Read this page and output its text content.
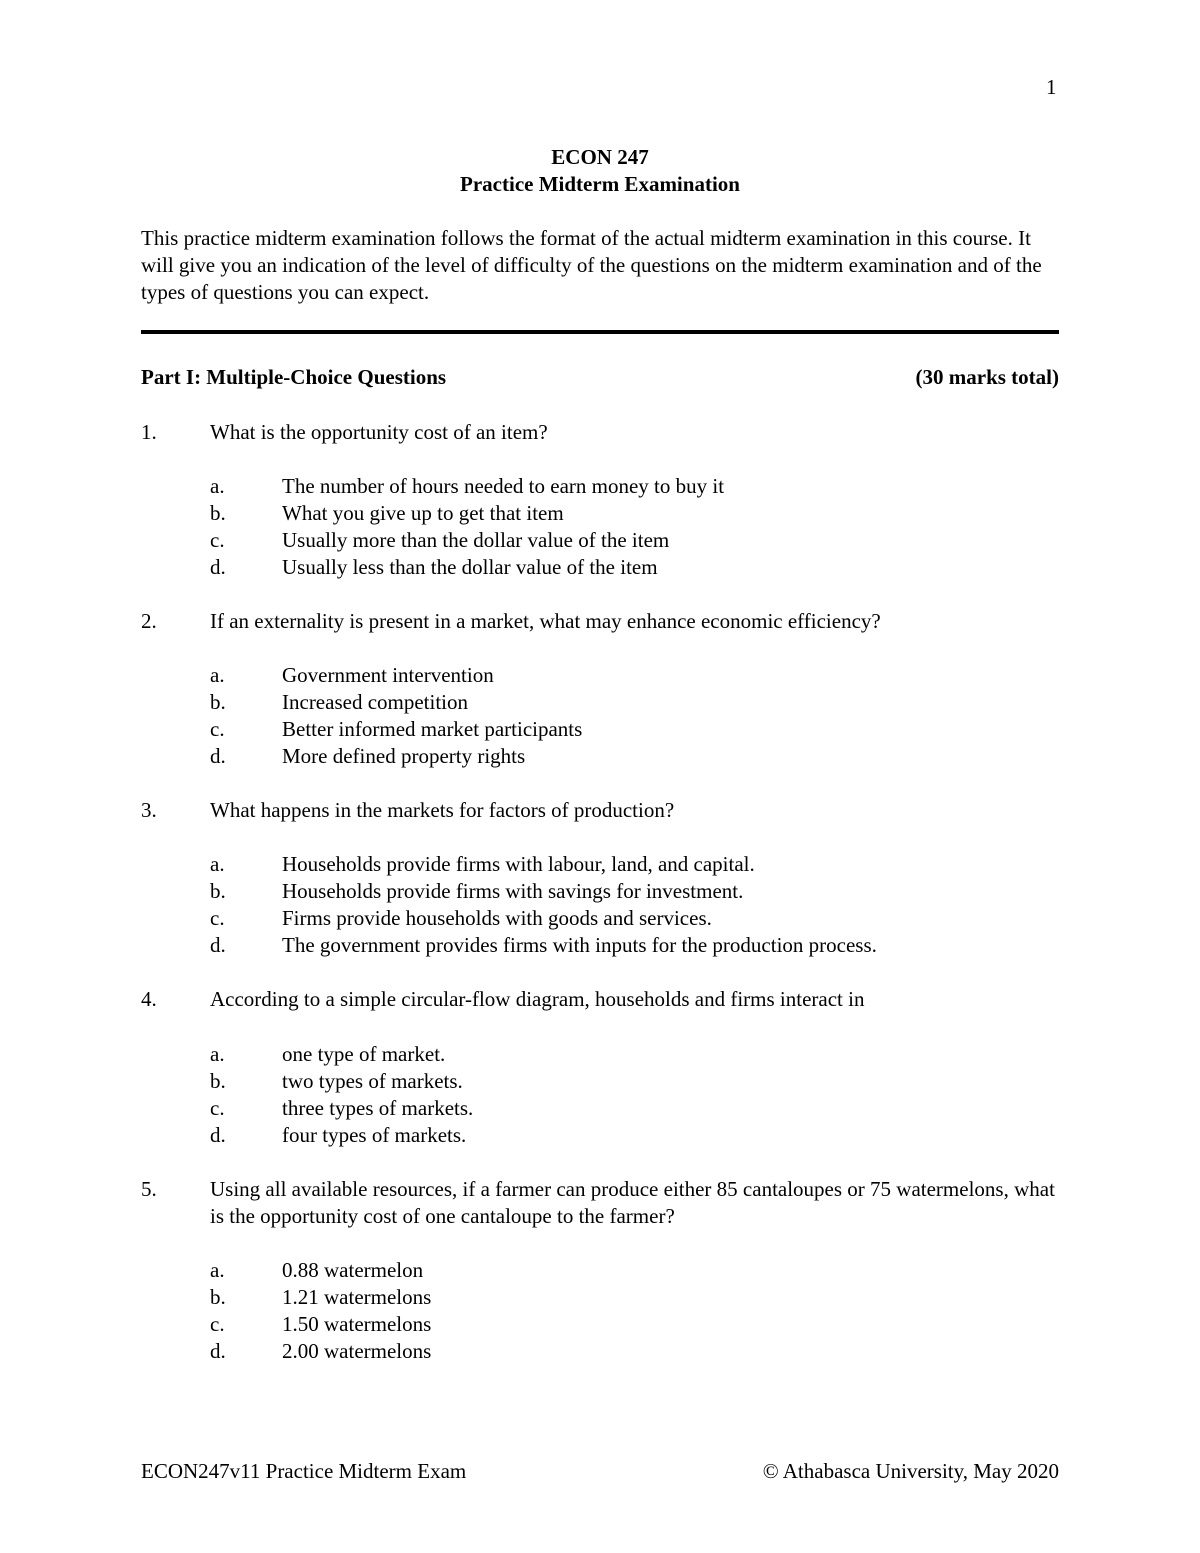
1
ECON 247
Practice Midterm Examination
This practice midterm examination follows the format of the actual midterm examination in this course. It will give you an indication of the level of difficulty of the questions on the midterm examination and of the types of questions you can expect.
Part I: Multiple-Choice Questions	(30 marks total)
1.	What is the opportunity cost of an item?
a.	The number of hours needed to earn money to buy it
b.	What you give up to get that item
c.	Usually more than the dollar value of the item
d.	Usually less than the dollar value of the item
2.	If an externality is present in a market, what may enhance economic efficiency?
a.	Government intervention
b.	Increased competition
c.	Better informed market participants
d.	More defined property rights
3.	What happens in the markets for factors of production?
a.	Households provide firms with labour, land, and capital.
b.	Households provide firms with savings for investment.
c.	Firms provide households with goods and services.
d.	The government provides firms with inputs for the production process.
4.	According to a simple circular-flow diagram, households and firms interact in
a.	one type of market.
b.	two types of markets.
c.	three types of markets.
d.	four types of markets.
5.	Using all available resources, if a farmer can produce either 85 cantaloupes or 75 watermelons, what is the opportunity cost of one cantaloupe to the farmer?
a.	0.88 watermelon
b.	1.21 watermelons
c.	1.50 watermelons
d.	2.00 watermelons
ECON247v11 Practice Midterm Exam	© Athabasca University, May 2020
